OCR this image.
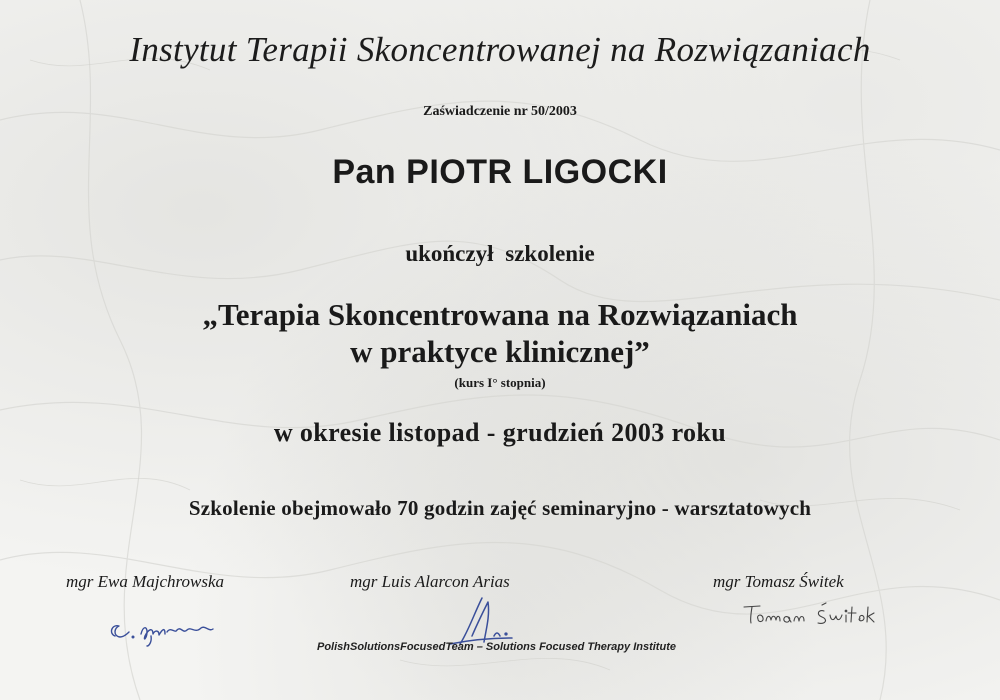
Instytut Terapii Skoncentrowanej na Rozwiązaniach
Zaświadczenie nr 50/2003
Pan PIOTR LIGOCKI
ukończył szkolenie
„Terapia Skoncentrowana na Rozwiązaniach
w praktyce klinicznej”
(kurs I° stopnia)
w okresie listopad - grudzień 2003 roku
Szkolenie obejmowało 70 godzin zajęć seminaryjno - warsztatowych
mgr Ewa Majchrowska	mgr Luis Alarcon Arias	mgr Tomasz Świtek
PolishSolutionsFocusedTeam – Solutions Focused Therapy Institute
